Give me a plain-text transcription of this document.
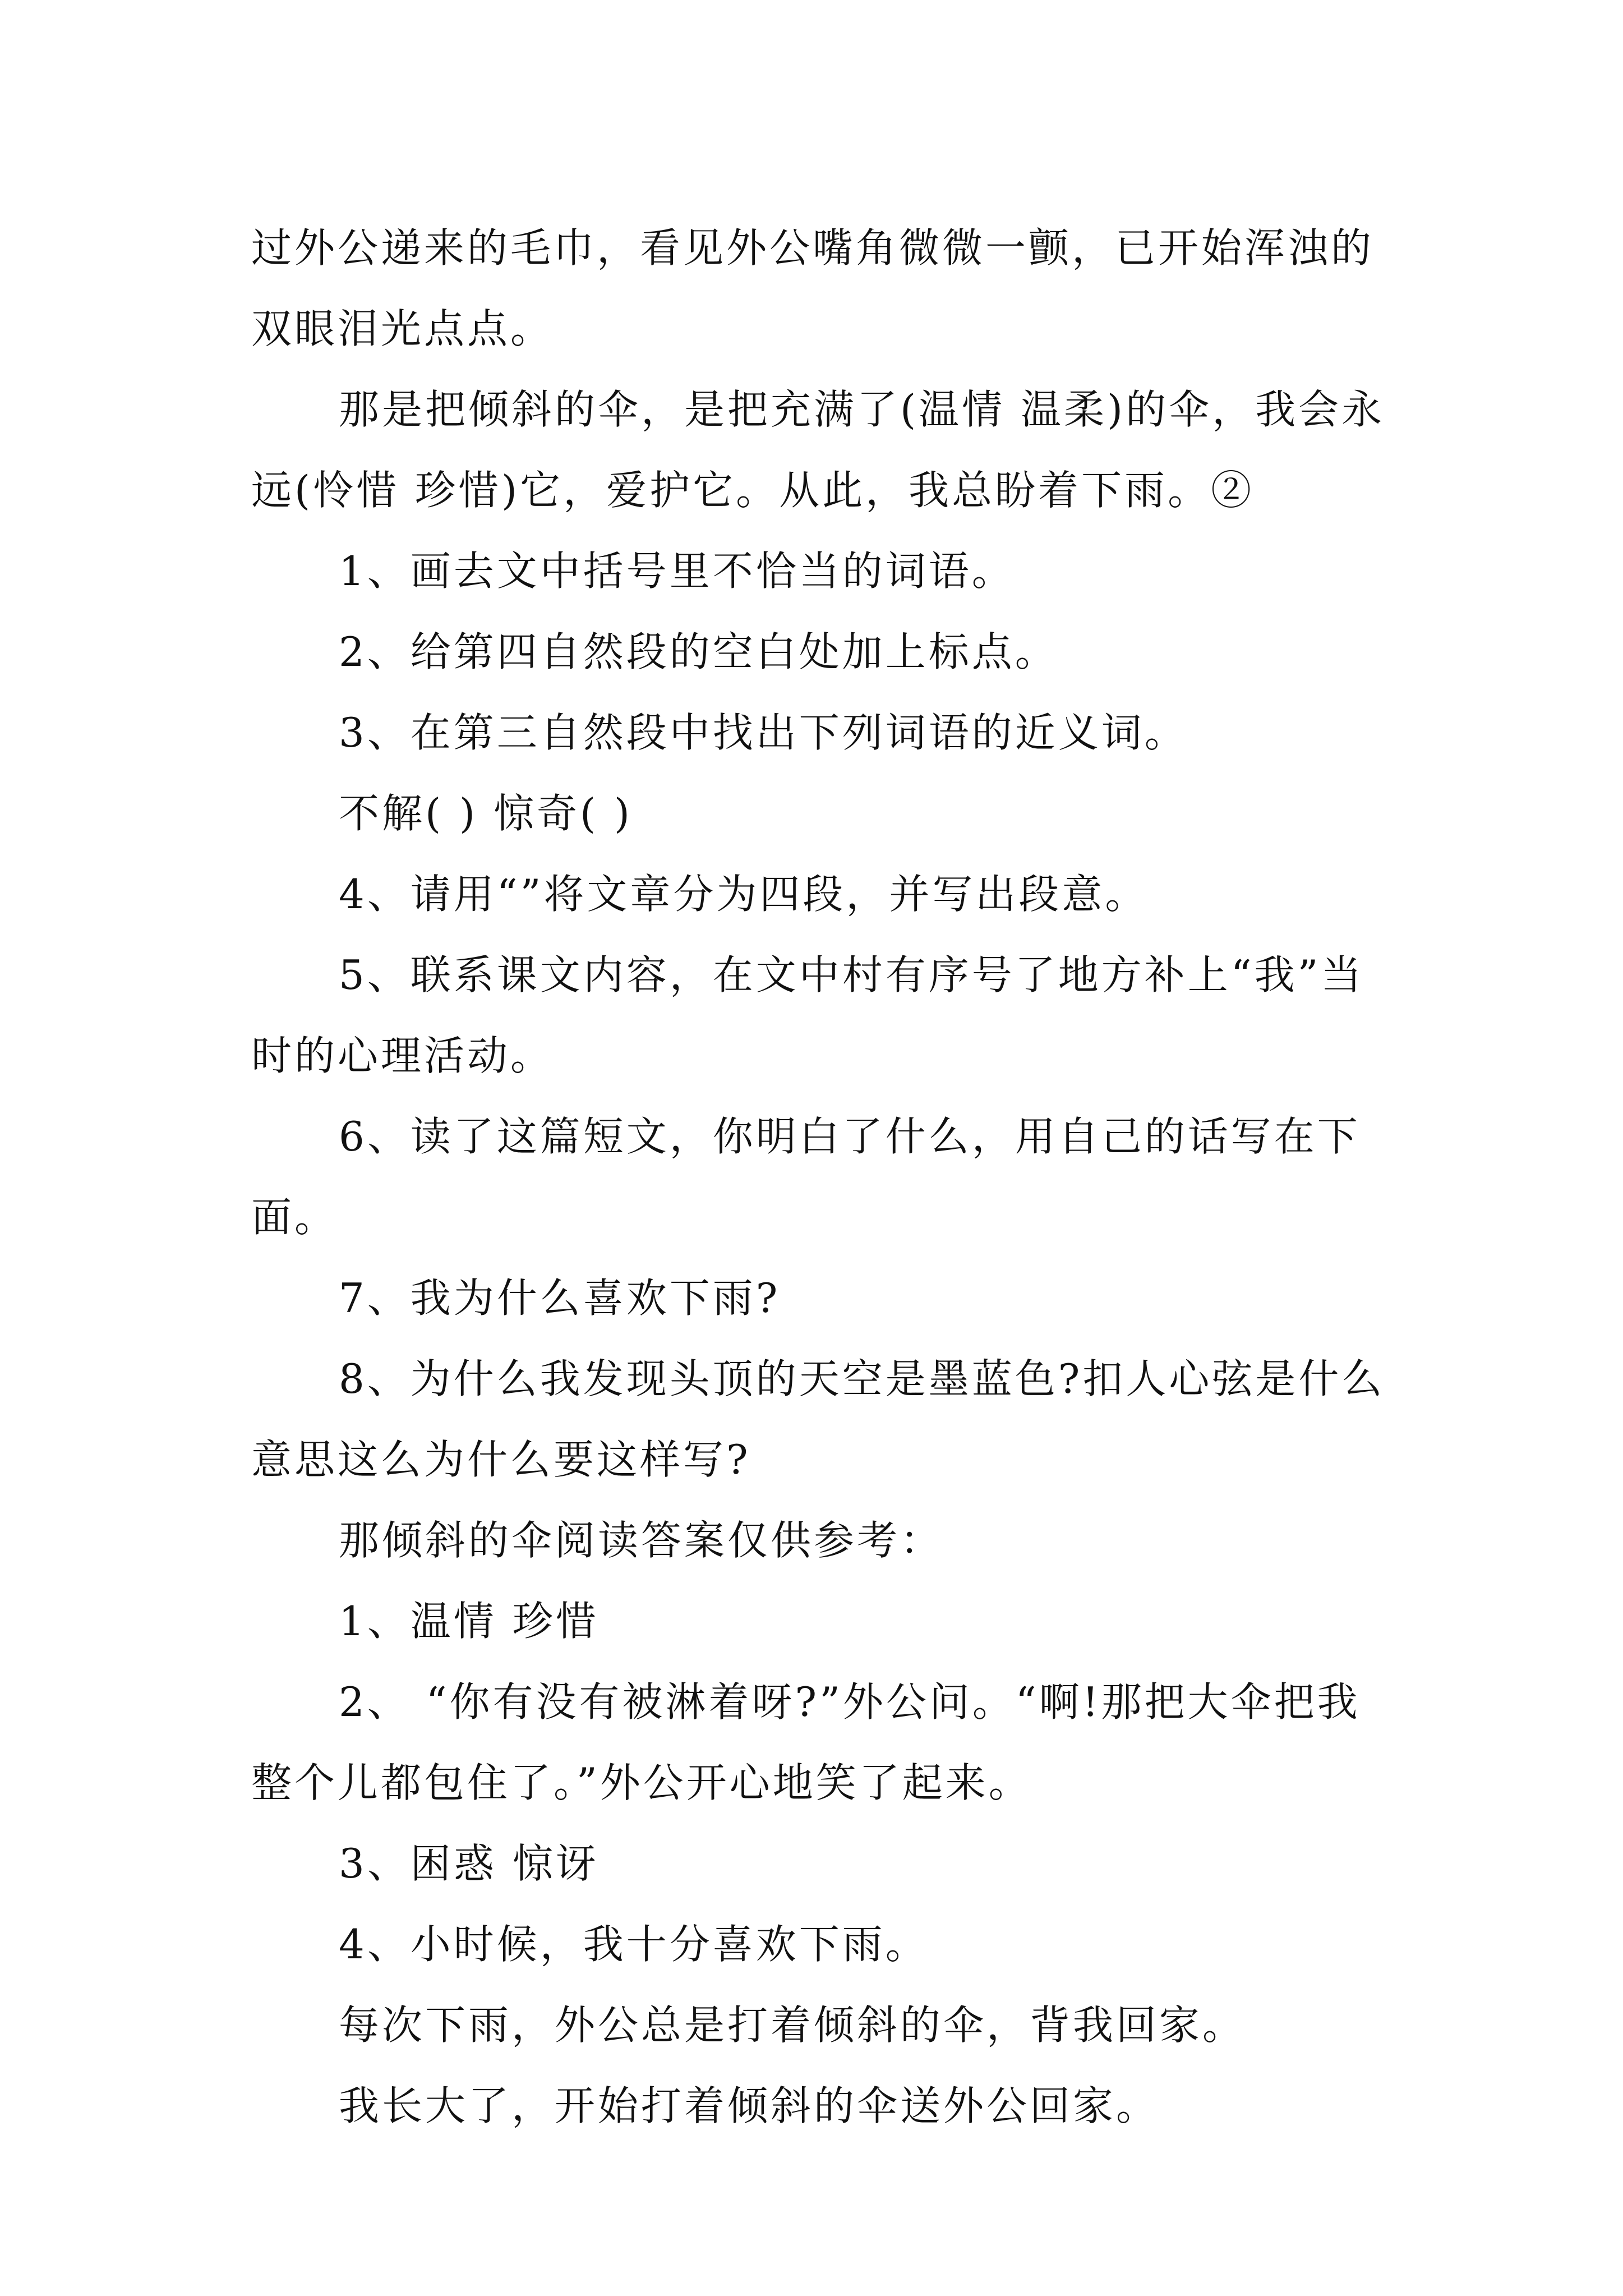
过外公递来的毛巾，看见外公嘴角微微一颤，已开始浑浊的双眼泪光点点。

那是把倾斜的伞，是把充满了(温情 温柔)的伞，我会永远(怜惜 珍惜)它，爱护它。从此，我总盼着下雨。②

1、画去文中括号里不恰当的词语。

2、给第四自然段的空白处加上标点。

3、在第三自然段中找出下列词语的近义词。

不解( ) 惊奇( )

4、请用“”将文章分为四段，并写出段意。

5、联系课文内容，在文中村有序号了地方补上“我”当时的心理活动。

6、读了这篇短文，你明白了什么，用自己的话写在下面。

7、我为什么喜欢下雨?

8、为什么我发现头顶的天空是墨蓝色?扣人心弦是什么意思这么为什么要这样写?

那倾斜的伞阅读答案仅供参考：

1、温情 珍惜

2、 “你有没有被淋着呀?”外公问。“啊!那把大伞把我整个儿都包住了。”外公开心地笑了起来。

3、困惑 惊讶

4、小时候，我十分喜欢下雨。

每次下雨，外公总是打着倾斜的伞，背我回家。

我长大了，开始打着倾斜的伞送外公回家。
